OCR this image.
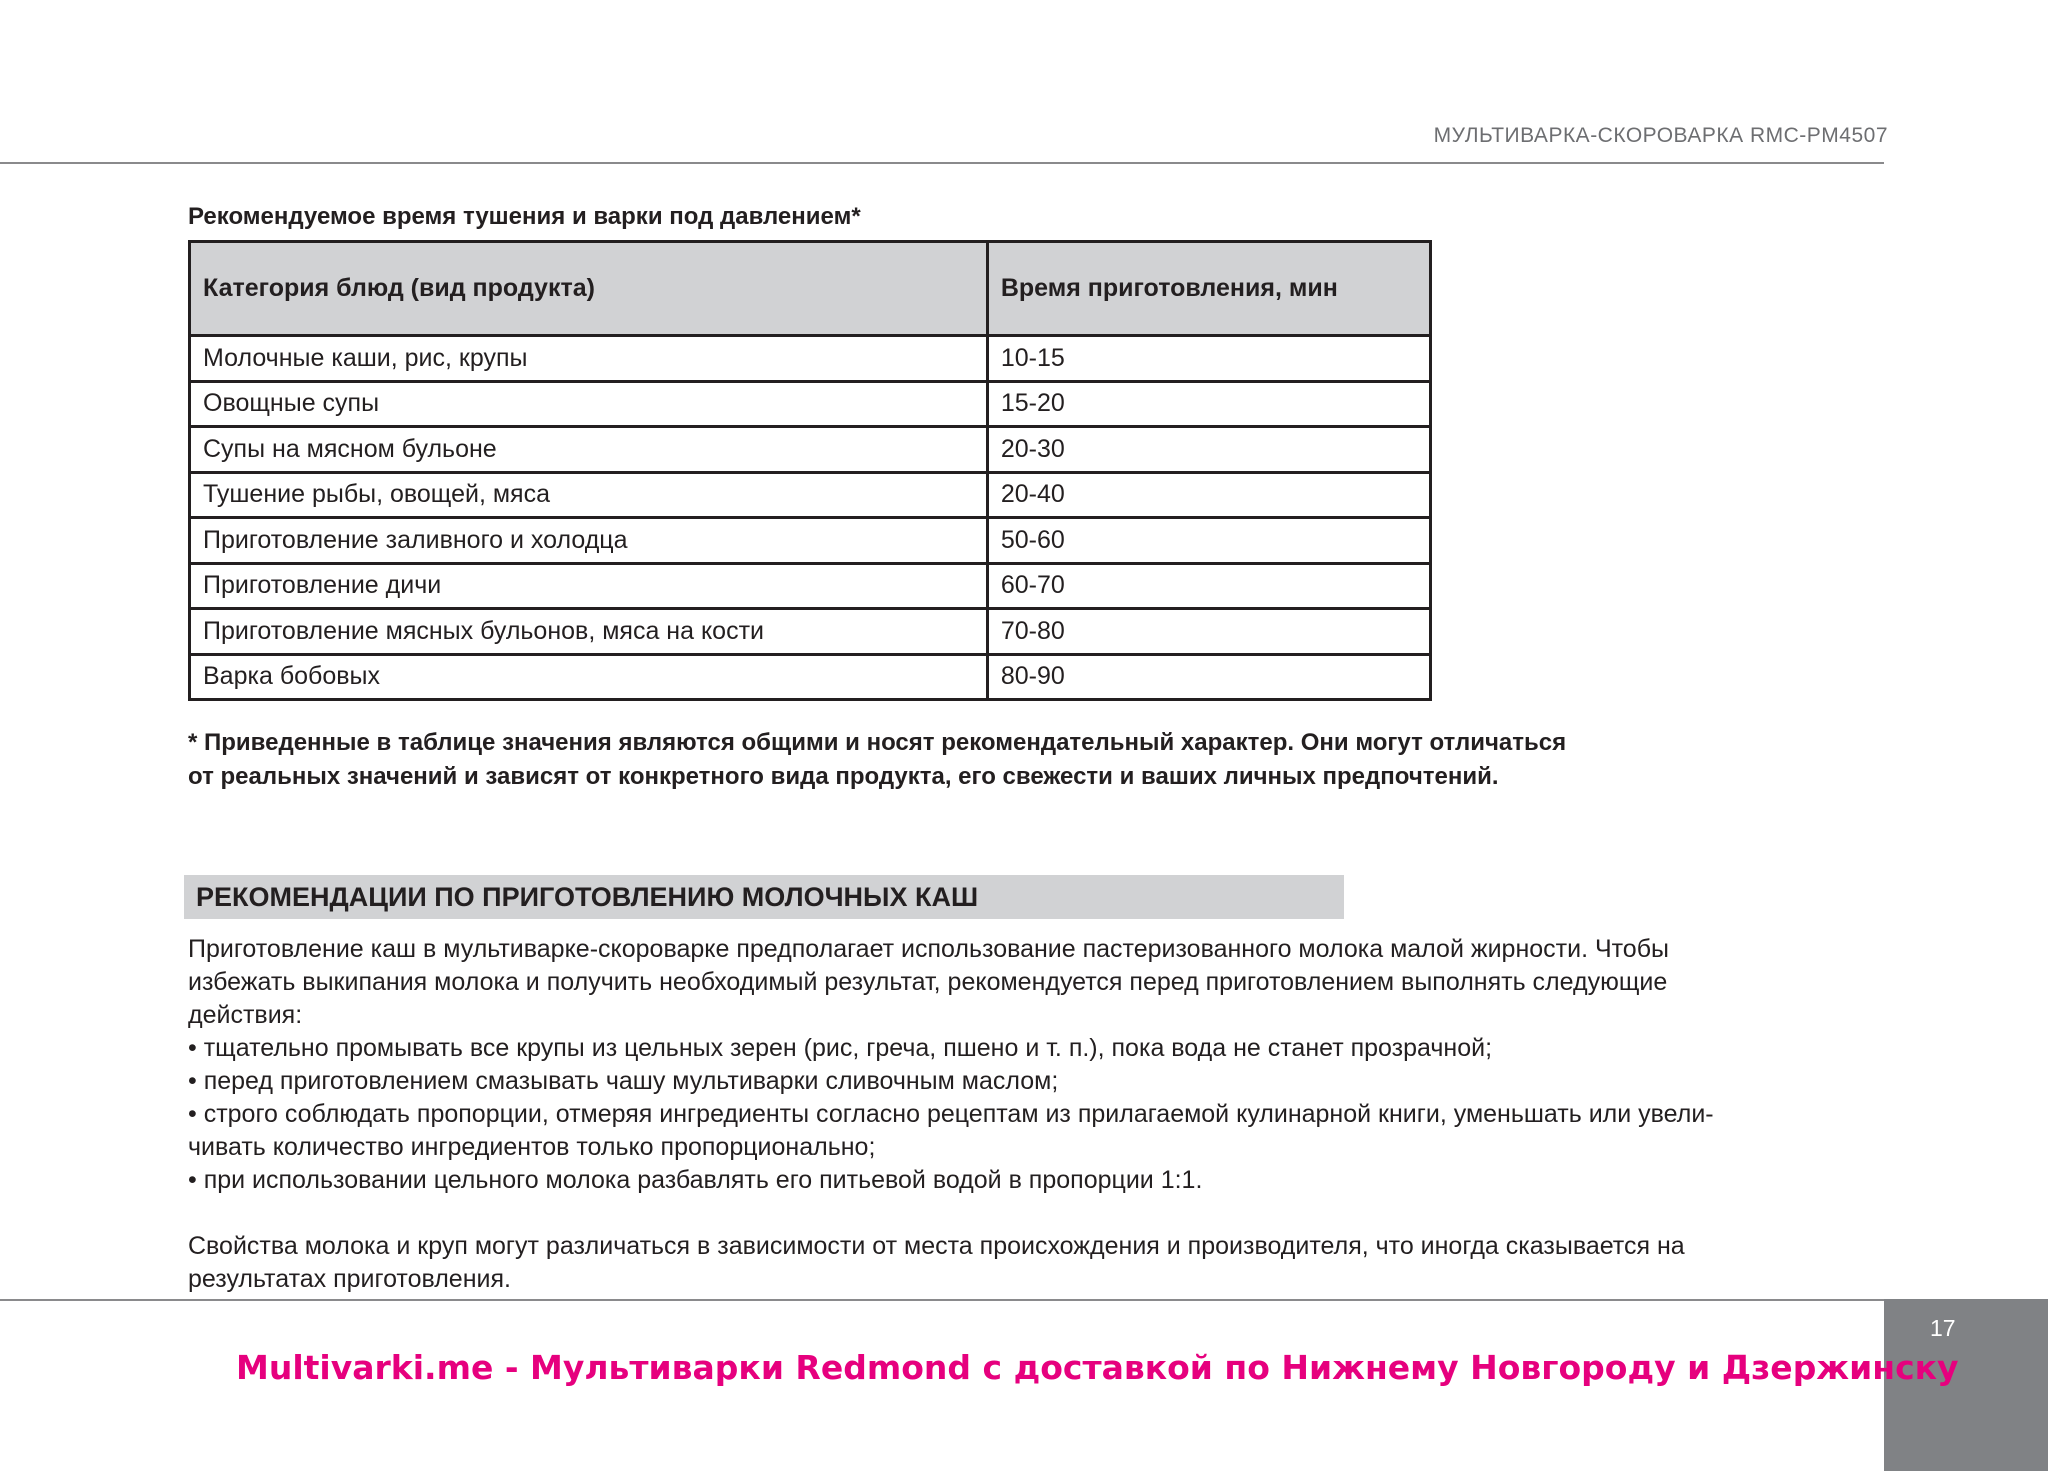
МУЛЬТИВАРКА-СКОРОВАРКА RMC-PM4507
Рекомендуемое время тушения и варки под давлением*
Категория блюд (вид продукта)	Время приготовления, мин
Молочные каши, рис, крупы	10-15
Овощные супы	15-20
Супы на мясном бульоне	20-30
Тушение рыбы, овощей, мяса	20-40
Приготовление заливного и холодца	50-60
Приготовление дичи	60-70
Приготовление мясных бульонов, мяса на кости	70-80
Варка бобовых	80-90
* Приведенные в таблице значения являются общими и носят рекомендательный характер. Они могут отличаться
от реальных значений и зависят от конкретного вида продукта, его свежести и ваших личных предпочтений.
РЕКОМЕНДАЦИИ ПО ПРИГОТОВЛЕНИЮ МОЛОЧНЫХ КАШ

Приготовление каш в мультиварке-скороварке предполагает использование пастеризованного молока малой жирности. Чтобы

избежать выкипания молока и получить необходимый результат, рекомендуется перед приготовлением выполнять следующие

действия:

• тщательно промывать все крупы из цельных зерен (рис, греча, пшено и т. п.), пока вода не станет прозрачной;

• перед приготовлением смазывать чашу мультиварки сливочным маслом;

• строго соблюдать пропорции, отмеряя ингредиенты согласно рецептам из прилагаемой кулинарной книги, уменьшать или увели-

чивать количество ингредиентов только пропорционально;

• при использовании цельного молока разбавлять его питьевой водой в пропорции 1:1.

Свойства молока и круп могут различаться в зависимости от места происхождения и производителя, что иногда сказывается на

результатах приготовления.

17
Multivarki.me - Мультиварки Redmond с доставкой по Нижнему Новгороду и Дзержинску
